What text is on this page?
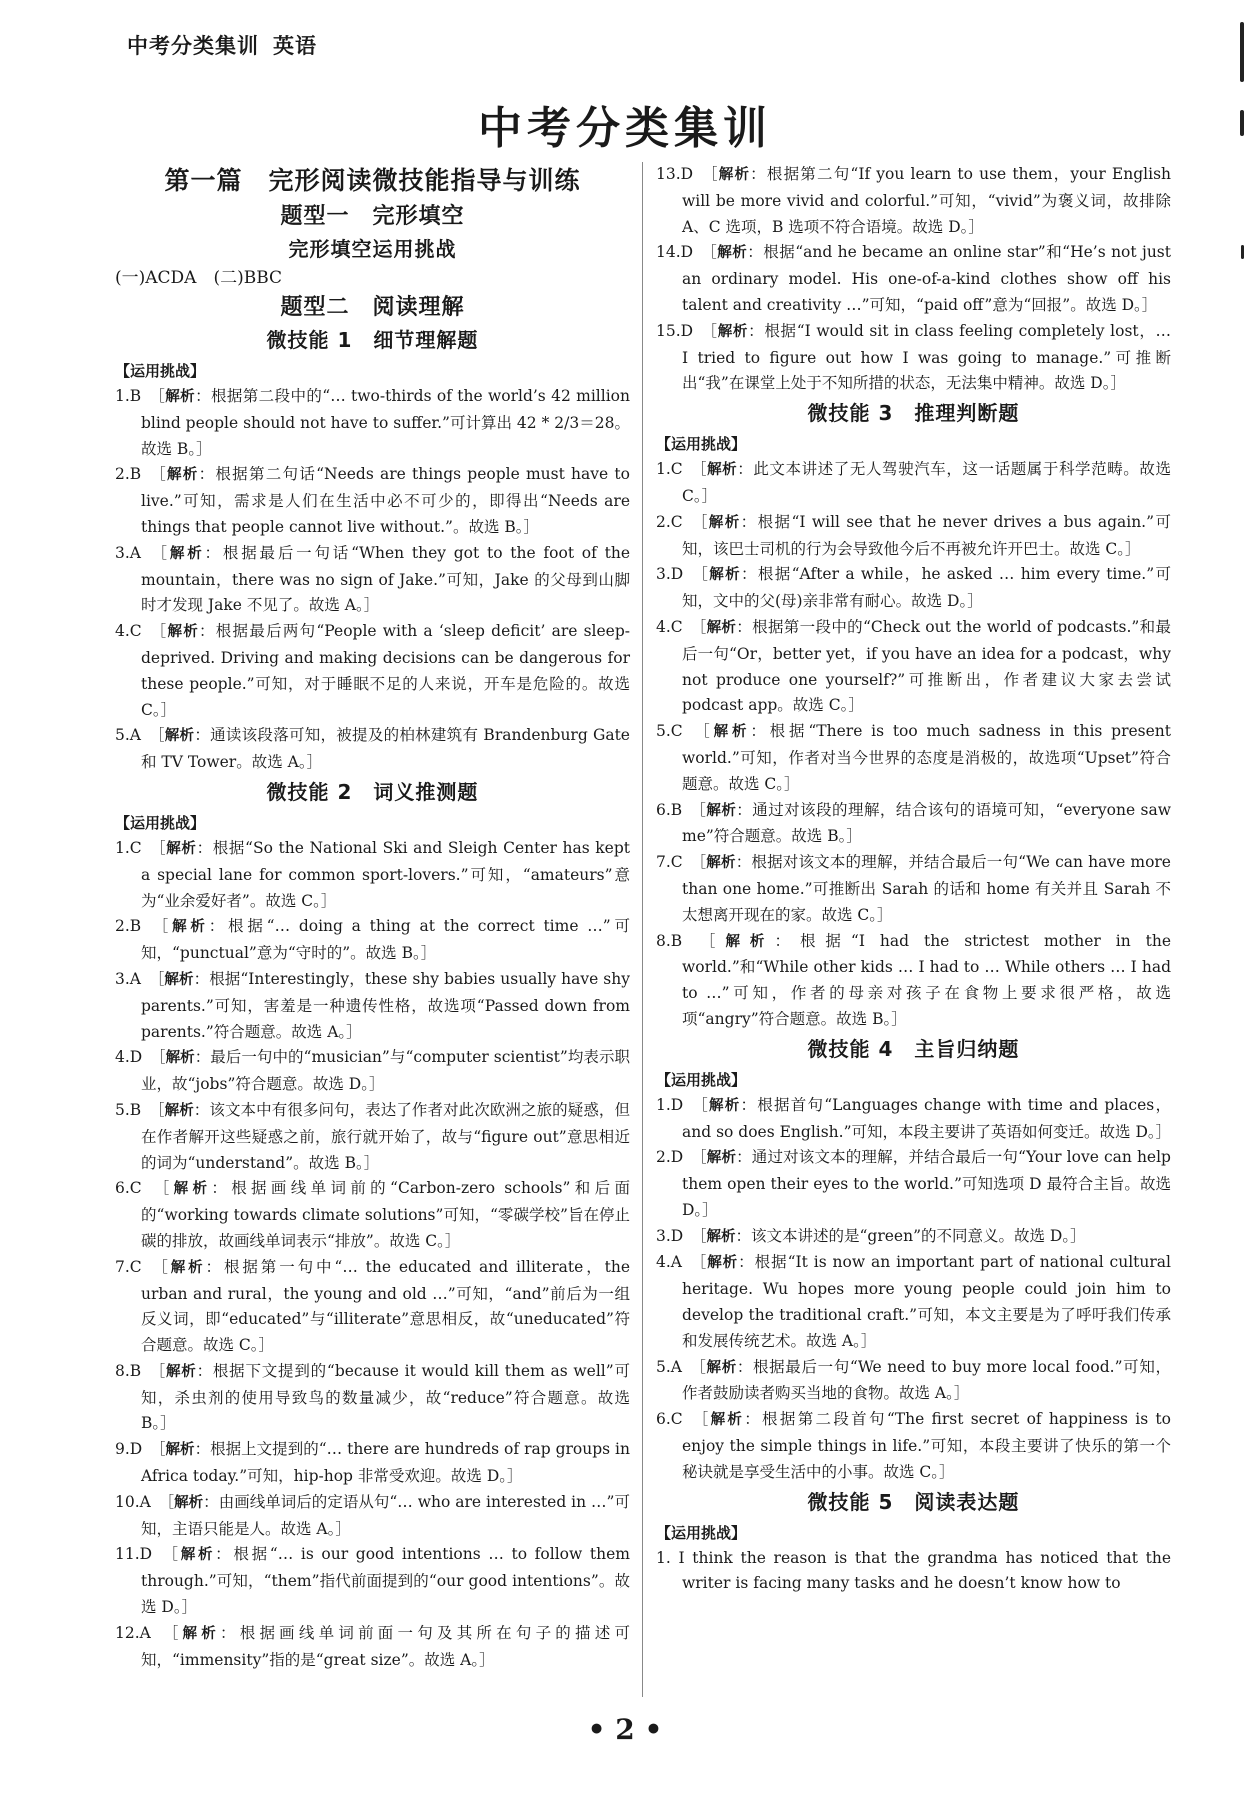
中考分类集训 英语
中考分类集训
第一篇　完形阅读微技能指导与训练
题型一　完形填空
完形填空运用挑战
(一)ACDA　(二)BBC
题型二　阅读理解
微技能 1　细节理解题
【运用挑战】

1.B  ［解析：根据第二段中的“… two-thirds of the world’s 42 million blind people should not have to suffer.”可计算出 42 * 2/3＝28。故选 B。］

2.B  ［解析：根据第二句话“Needs are things people must have to live.”可知，需求是人们在生活中必不可少的，即得出“Needs are things that people cannot live without.”。故选 B。］

3.A  ［解析：根据最后一句话“When they got to the foot of the mountain，there was no sign of Jake.”可知，Jake 的父母到山脚时才发现 Jake 不见了。故选 A。］

4.C  ［解析：根据最后两句“People with a ‘sleep deficit’ are sleep-deprived. Driving and making decisions can be dangerous for these people.”可知，对于睡眠不足的人来说，开车是危险的。故选 C。］

5.A  ［解析：通读该段落可知，被提及的柏林建筑有 Brandenburg Gate 和 TV Tower。故选 A。］

微技能 2　词义推测题
【运用挑战】

1.C  ［解析：根据“So the National Ski and Sleigh Center has kept a special lane for common sport-lovers.”可知，“amateurs”意为“业余爱好者”。故选 C。］

2.B  ［解析：根据“… doing a thing at the correct time …”可知，“punctual”意为“守时的”。故选 B。］

3.A  ［解析：根据“Interestingly，these shy babies usually have shy parents.”可知，害羞是一种遗传性格，故选项“Passed down from parents.”符合题意。故选 A。］

4.D  ［解析：最后一句中的“musician”与“computer scientist”均表示职业，故“jobs”符合题意。故选 D。］

5.B  ［解析：该文本中有很多问句，表达了作者对此次欧洲之旅的疑惑，但在作者解开这些疑惑之前，旅行就开始了，故与“figure out”意思相近的词为“understand”。故选 B。］

6.C  ［解析：根据画线单词前的“Carbon-zero schools”和后面的“working towards climate solutions”可知，“零碳学校”旨在停止碳的排放，故画线单词表示“排放”。故选 C。］

7.C  ［解析：根据第一句中“… the educated and illiterate，the urban and rural，the young and old …”可知，“and”前后为一组反义词，即“educated”与“illiterate”意思相反，故“uneducated”符合题意。故选 C。］

8.B  ［解析：根据下文提到的“because it would kill them as well”可知，杀虫剂的使用导致鸟的数量减少，故“reduce”符合题意。故选 B。］

9.D  ［解析：根据上文提到的“… there are hundreds of rap groups in Africa today.”可知，hip-hop 非常受欢迎。故选 D。］

10.A  ［解析：由画线单词后的定语从句“… who are interested in …”可知，主语只能是人。故选 A。］

11.D  ［解析：根据“… is our good intentions … to follow them through.”可知，“them”指代前面提到的“our good intentions”。故选 D。］

12.A  ［解析：根据画线单词前面一句及其所在句子的描述可知，“immensity”指的是“great size”。故选 A。］

13.D  ［解析：根据第二句“If you learn to use them，your English will be more vivid and colorful.”可知，“vivid”为褒义词，故排除 A、C 选项，B 选项不符合语境。故选 D。］

14.D  ［解析：根据“and he became an online star”和“He’s not just an ordinary model. His one-of-a-kind clothes show off his talent and creativity …”可知，“paid off”意为“回报”。故选 D。］

15.D  ［解析：根据“I would sit in class feeling completely lost，… I tried to figure out how I was going to manage.”可推断出“我”在课堂上处于不知所措的状态，无法集中精神。故选 D。］

微技能 3　推理判断题
【运用挑战】

1.C  ［解析：此文本讲述了无人驾驶汽车，这一话题属于科学范畴。故选 C。］

2.C  ［解析：根据“I will see that he never drives a bus again.”可知，该巴士司机的行为会导致他今后不再被允许开巴士。故选 C。］

3.D  ［解析：根据“After a while，he asked … him every time.”可知，文中的父(母)亲非常有耐心。故选 D。］

4.C  ［解析：根据第一段中的“Check out the world of podcasts.”和最后一句“Or，better yet，if you have an idea for a podcast，why not produce one yourself?”可推断出，作者建议大家去尝试 podcast app。故选 C。］

5.C  ［解析：根据“There is too much sadness in this present world.”可知，作者对当今世界的态度是消极的，故选项“Upset”符合题意。故选 C。］

6.B  ［解析：通过对该段的理解，结合该句的语境可知，“everyone saw me”符合题意。故选 B。］

7.C  ［解析：根据对该文本的理解，并结合最后一句“We can have more than one home.”可推断出 Sarah 的话和 home 有关并且 Sarah 不太想离开现在的家。故选 C。］

8.B  ［解析：根据“I had the strictest mother in the world.”和“While other kids … I had to … While others … I had to …”可知，作者的母亲对孩子在食物上要求很严格，故选项“angry”符合题意。故选 B。］

微技能 4　主旨归纳题
【运用挑战】

1.D  ［解析：根据首句“Languages change with time and places，and so does English.”可知，本段主要讲了英语如何变迁。故选 D。］

2.D  ［解析：通过对该文本的理解，并结合最后一句“Your love can help them open their eyes to the world.”可知选项 D 最符合主旨。故选 D。］

3.D  ［解析：该文本讲述的是“green”的不同意义。故选 D。］

4.A  ［解析：根据“It is now an important part of national cultural heritage. Wu hopes more young people could join him to develop the traditional craft.”可知，本文主要是为了呼吁我们传承和发展传统艺术。故选 A。］

5.A  ［解析：根据最后一句“We need to buy more local food.”可知，作者鼓励读者购买当地的食物。故选 A。］

6.C  ［解析：根据第二段首句“The first secret of happiness is to enjoy the simple things in life.”可知，本段主要讲了快乐的第一个秘诀就是享受生活中的小事。故选 C。］

微技能 5　阅读表达题
【运用挑战】

1. I think the reason is that the grandma has noticed that the writer is facing many tasks and he doesn’t know how to

• 2 •
